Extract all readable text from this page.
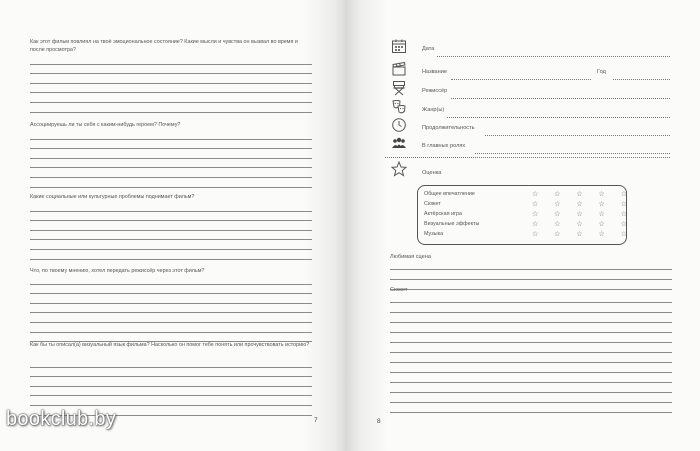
Как этот фильм повлиял на твоё эмоциональное состояние? Какие мысли и чувства он вызвал во время и после просмотра?
Ассоциируешь ли ты себя с каким-нибудь героем? Почему?
Какие социальные или культурные проблемы поднимает фильм?
Что, по твоему мнению, хотел передать режиссёр через этот фильм?
Как бы ты описал(а) визуальный язык фильма? Насколько он помог тебе понять или прочувствовать историю?
7
Дата
Название	Год
Режиссёр
Жанр(ы)
Продолжительность
В главных ролях
Оценка
Общее впечатление	☆ ☆ ☆ ☆ ☆
Сюжет	☆ ☆ ☆ ☆ ☆
Актёрская игра	☆ ☆ ☆ ☆ ☆
Визуальные эффекты	☆ ☆ ☆ ☆ ☆
Музыка	☆ ☆ ☆ ☆ ☆
Любимая сцена
Сюжет
8
bookclub.by
